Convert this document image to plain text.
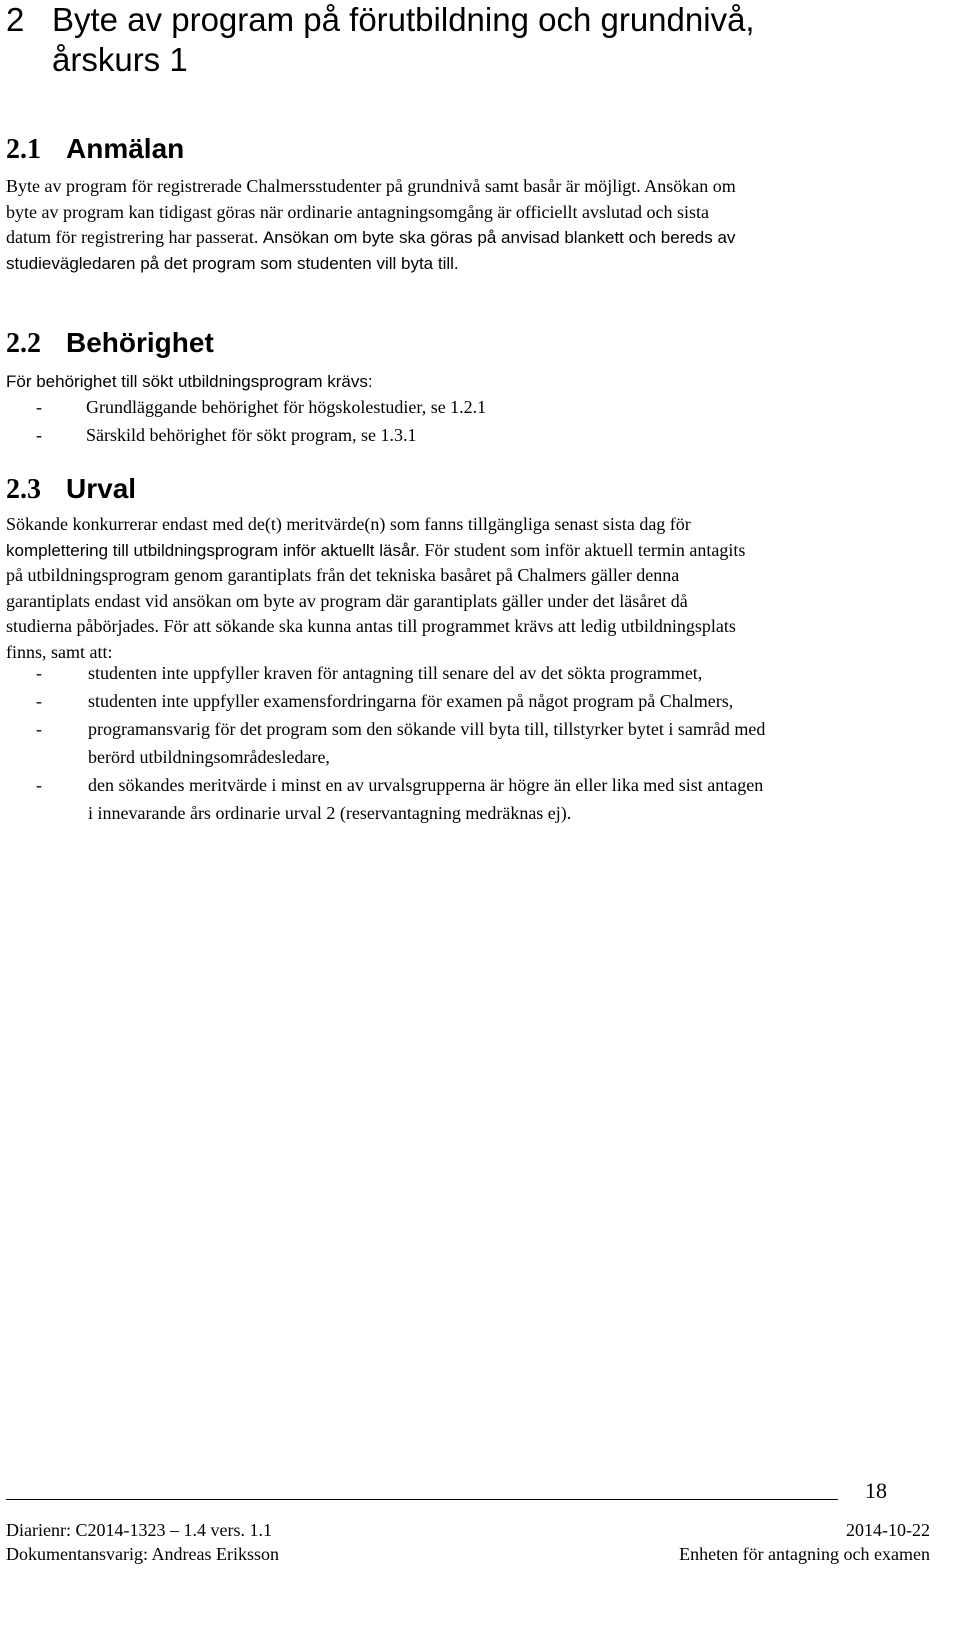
2 Byte av program på förutbildning och grundnivå,
årskurs 1
2.1 Anmälan
Byte av program för registrerade Chalmersstudenter på grundnivå samt basår är möjligt. Ansökan om
byte av program kan tidigast göras när ordinarie antagningsomgång är officiellt avslutad och sista
datum för registrering har passerat. Ansökan om byte ska göras på anvisad blankett och bereds av
studievägledaren på det program som studenten vill byta till.
2.2 Behörighet
För behörighet till sökt utbildningsprogram krävs:
- Grundläggande behörighet för högskolestudier, se 1.2.1
- Särskild behörighet för sökt program, se 1.3.1
2.3 Urval
Sökande konkurrerar endast med de(t) meritvärde(n) som fanns tillgängliga senast sista dag för
komplettering till utbildningsprogram inför aktuellt läsår. För student som inför aktuell termin antagits
på utbildningsprogram genom garantiplats från det tekniska basåret på Chalmers gäller denna
garantiplats endast vid ansökan om byte av program där garantiplats gäller under det läsåret då
studierna påbörjades. För att sökande ska kunna antas till programmet krävs att ledig utbildningsplats
finns, samt att:
-	studenten inte uppfyller kraven för antagning till senare del av det sökta programmet,
-	studenten inte uppfyller examensfordringarna för examen på något program på Chalmers,
-	programansvarig för det program som den sökande vill byta till, tillstyrker bytet i samråd med
berörd utbildningsområdesledare,
-	den sökandes meritvärde i minst en av urvalsgrupperna är högre än eller lika med sist antagen
i innevarande års ordinarie urval 2 (reservantagning medräknas ej).
18
Diarienr: C2014-1323 – 1.4 vers. 1.1	2014-10-22
Dokumentansvarig: Andreas Eriksson	Enheten för antagning och examen
